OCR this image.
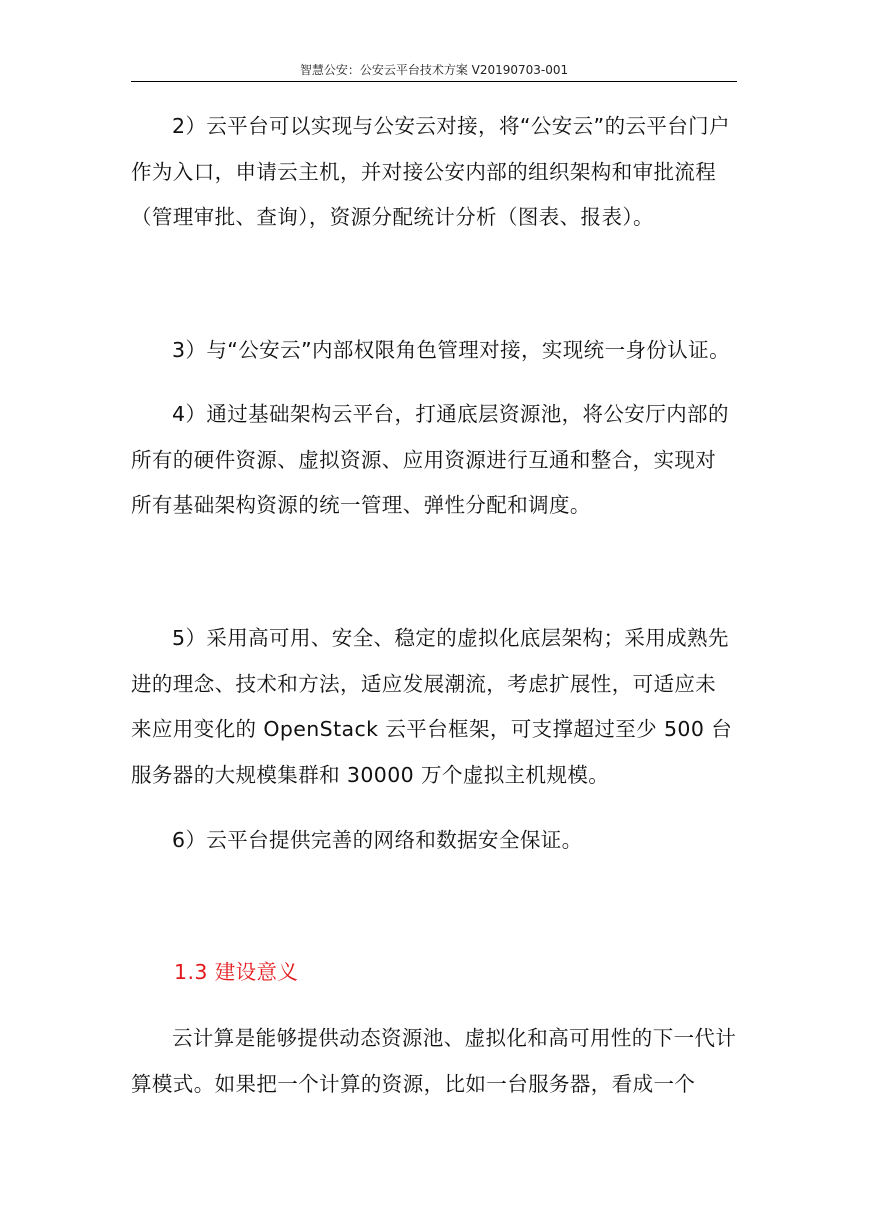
智慧公安：公安云平台技术方案 V20190703-001

2）云平台可以实现与公安云对接，将“公安云”的云平台门户作为入口，申请云主机，并对接公安内部的组织架构和审批流程（管理审批、查询），资源分配统计分析（图表、报表）。

3）与“公安云”内部权限角色管理对接，实现统一身份认证。

4）通过基础架构云平台，打通底层资源池，将公安厅内部的所有的硬件资源、虚拟资源、应用资源进行互通和整合，实现对所有基础架构资源的统一管理、弹性分配和调度。

5）采用高可用、安全、稳定的虚拟化底层架构；采用成熟先进的理念、技术和方法，适应发展潮流，考虑扩展性，可适应未来应用变化的 OpenStack 云平台框架，可支撑超过至少 500 台服务器的大规模集群和 30000 万个虚拟主机规模。

6）云平台提供完善的网络和数据安全保证。

1.3 建设意义

云计算是能够提供动态资源池、虚拟化和高可用性的下一代计算模式。如果把一个计算的资源，比如一台服务器，看成一个
